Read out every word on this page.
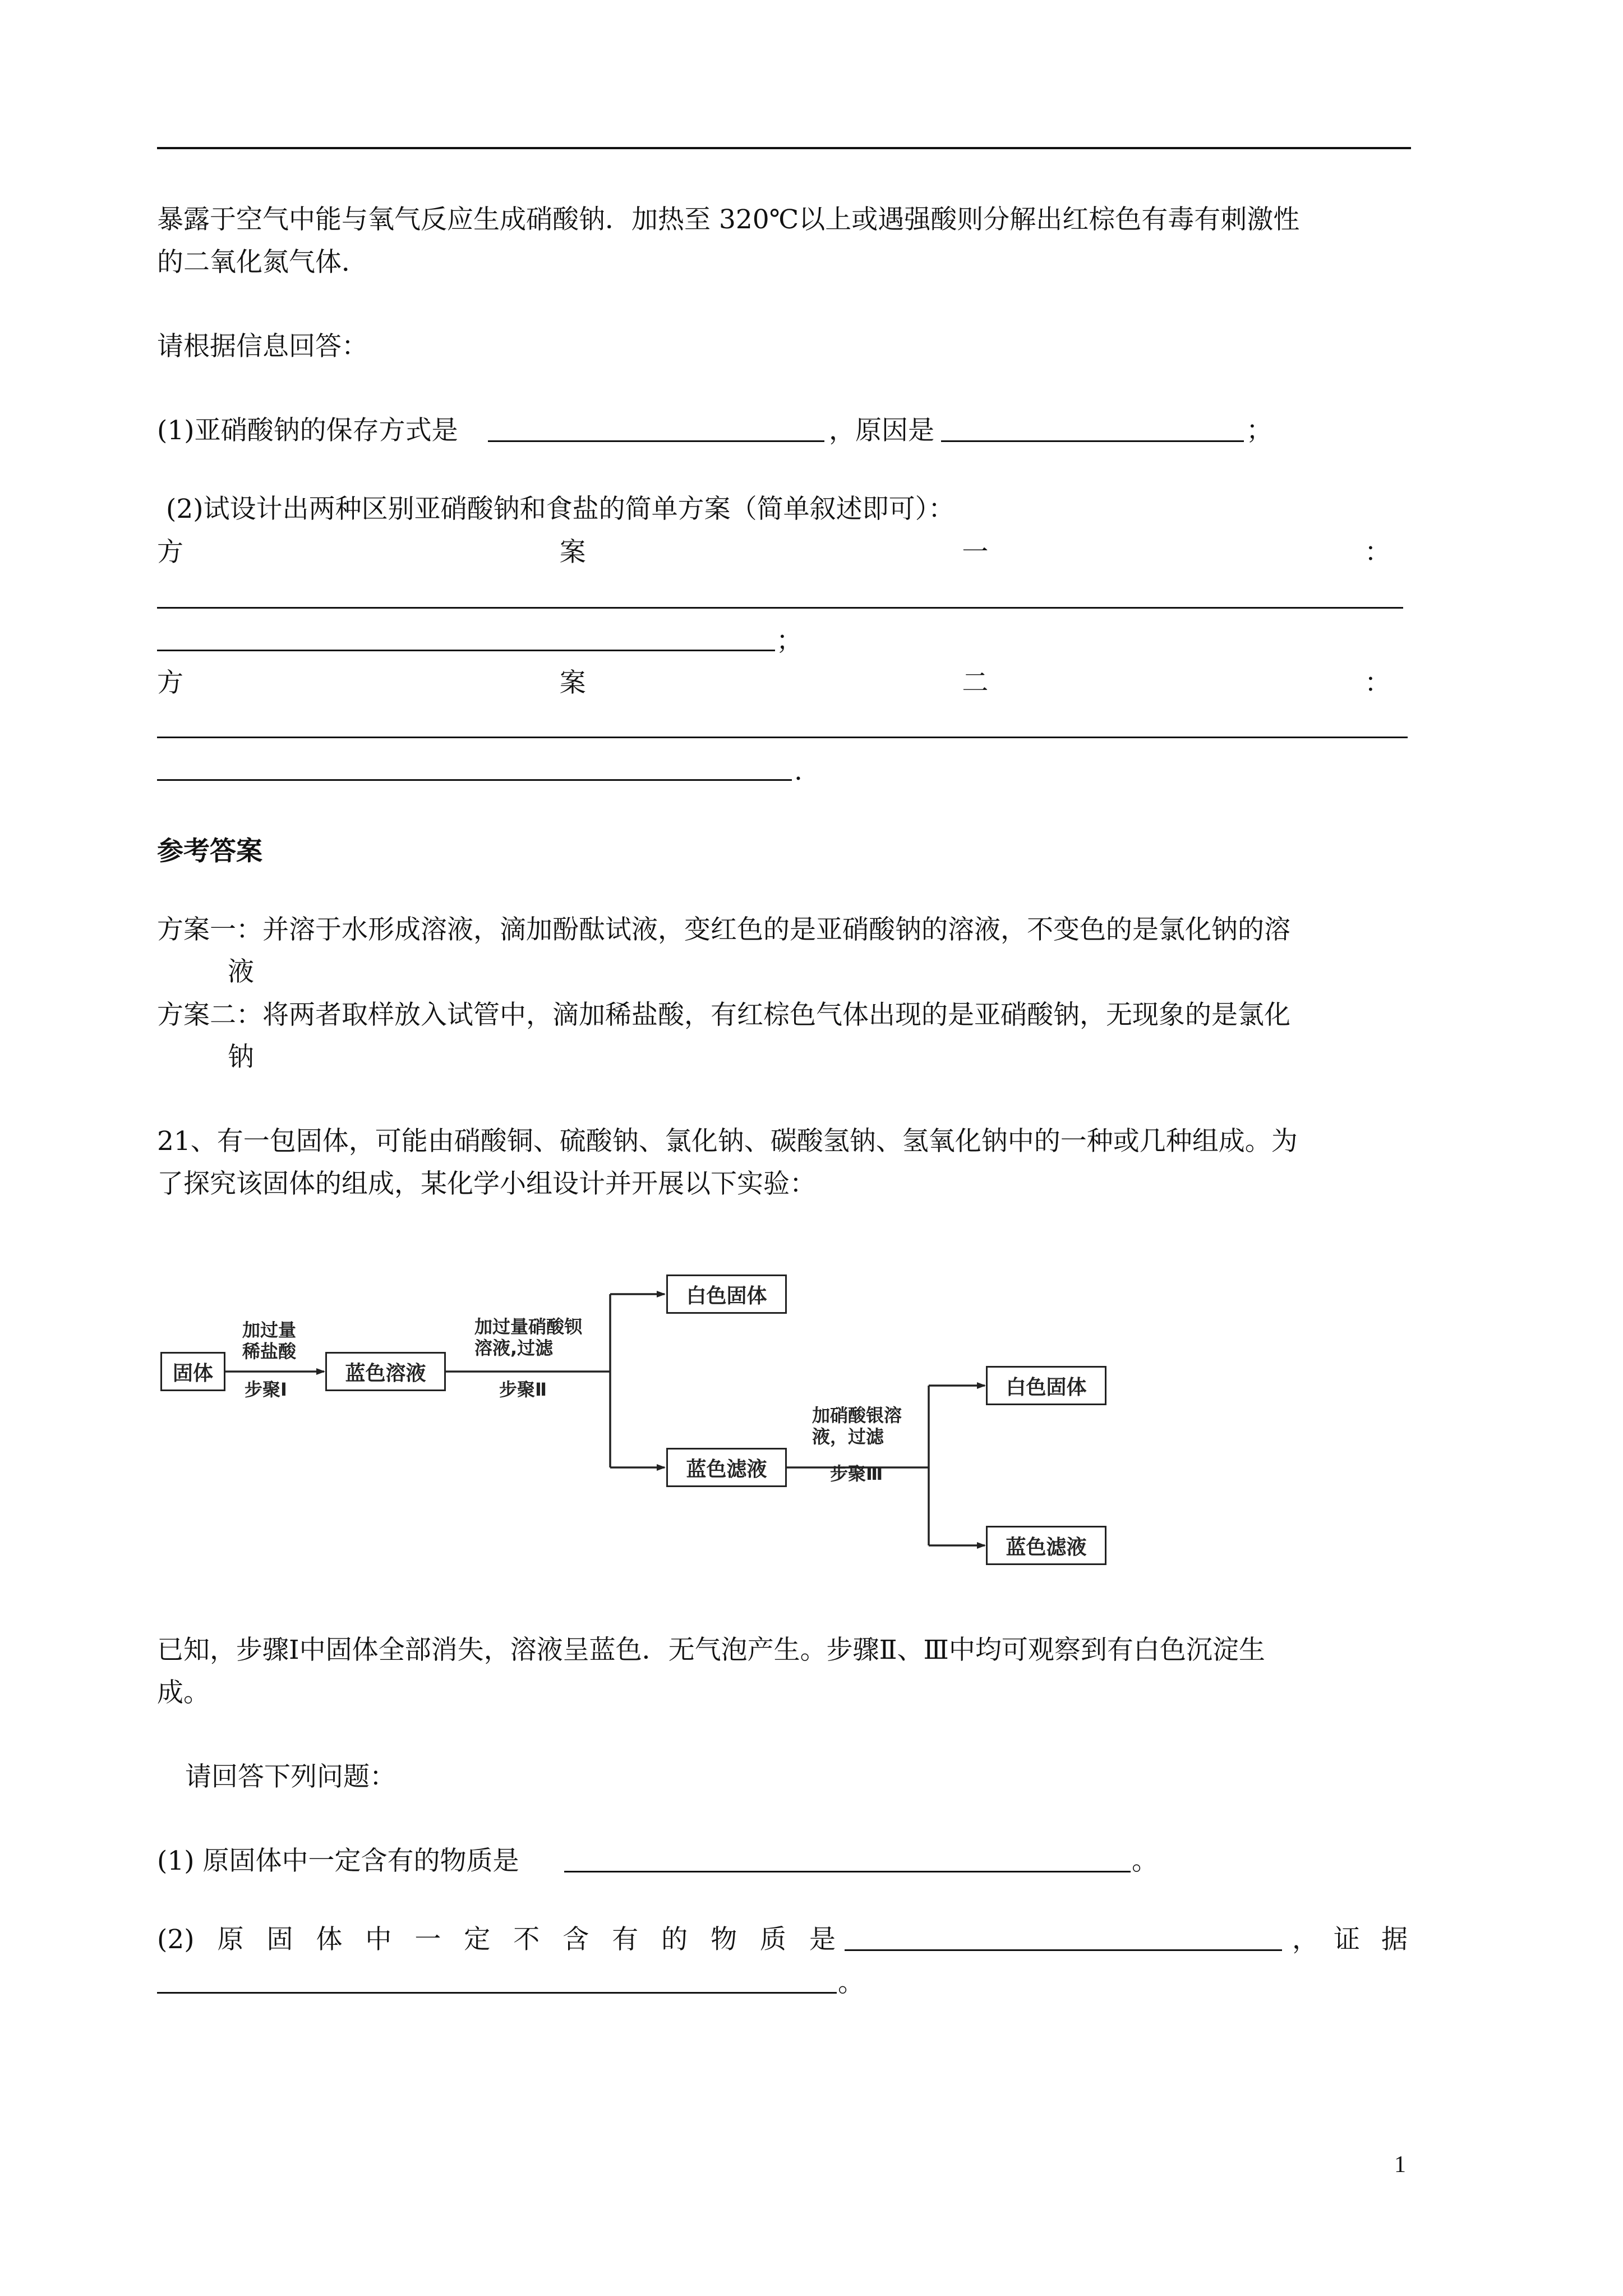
暴露于空气中能与氧气反应生成硝酸钠．加热至 320℃以上或遇强酸则分解出红棕色有毒有刺激性
的二氧化氮气体．
请根据信息回答：
(1)亚硝酸钠的保存方式是	，原因是	；
(2)试设计出两种区别亚硝酸钠和食盐的简单方案（简单叙述即可）：
方	案	一	：
；
方	案	二	：
.
参考答案
方案一：并溶于水形成溶液，滴加酚酞试液，变红色的是亚硝酸钠的溶液，不变色的是氯化钠的溶
液
方案二：将两者取样放入试管中，滴加稀盐酸，有红棕色气体出现的是亚硝酸钠，无现象的是氯化
钠
21、有一包固体，可能由硝酸铜、硫酸钠、氯化钠、碳酸氢钠、氢氧化钠中的一种或几种组成。为
了探究该固体的组成，某化学小组设计并开展以下实验：
固体
加过量
稀盐酸
步聚Ⅰ
蓝色溶液
加过量硝酸钡
溶液,过滤
步聚Ⅱ
白色固体
蓝色滤液
加硝酸银溶
液，过滤
步聚Ⅲ
白色固体
蓝色滤液
已知，步骤Ⅰ中固体全部消失，溶液呈蓝色．无气泡产生。步骤Ⅱ、Ⅲ中均可观察到有白色沉淀生
成。
请回答下列问题：
(1) 原固体中一定含有的物质是	。
(2) 原 固 体 中 一 定 不 含 有 的 物 质 是	， 证 据
。
1
